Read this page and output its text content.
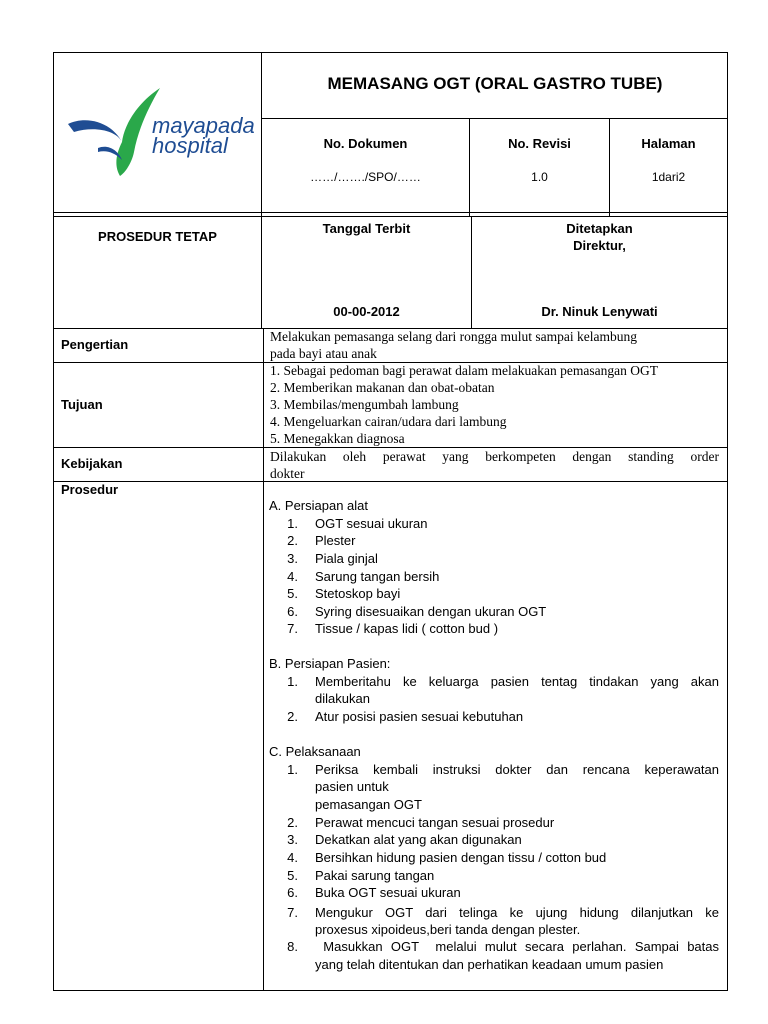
mayapada
hospital
MEMASANG OGT (ORAL GASTRO TUBE)
No. Dokumen
……/……./SPO/……
No. Revisi
1.0
Halaman
1dari2
PROSEDUR TETAP
Tanggal Terbit
00-00-2012
Ditetapkan
Direktur,
Dr. Ninuk Lenywati
Pengertian
Melakukan pemasanga selang dari rongga mulut sampai kelambung
pada bayi atau anak
Tujuan
1. Sebagai pedoman bagi perawat dalam melakuakan pemasangan OGT
2. Memberikan makanan dan obat-obatan
3. Membilas/mengumbah lambung
4. Mengeluarkan cairan/udara dari lambung
5. Menegakkan diagnosa
Kebijakan	Dilakukan oleh perawat yang berkompeten dengan standing order
dokter
Prosedur
A. Persiapan alat
1. OGT sesuai ukuran
2. Plester
3. Piala ginjal
4. Sarung tangan bersih
5. Stetoskop bayi
6. Syring disesuaikan dengan ukuran OGT
7. Tissue / kapas lidi ( cotton bud )
B. Persiapan Pasien:
1. Memberitahu ke keluarga pasien tentag tindakan yang akan
dilakukan
2. Atur posisi pasien sesuai kebutuhan
C. Pelaksanaan
1. Periksa kembali instruksi dokter dan rencana keperawatan
pasien untuk
pemasangan OGT
2. Perawat mencuci tangan sesuai prosedur
3. Dekatkan alat yang akan digunakan
4. Bersihkan hidung pasien dengan tissu / cotton bud
5. Pakai sarung tangan
6. Buka OGT sesuai ukuran
7. Mengukur OGT dari telinga ke ujung hidung dilanjutkan ke
proxesus xipoideus,beri tanda dengan plester.
8. Masukkan OGT  melalui mulut secara perlahan. Sampai batas
yang telah ditentukan dan perhatikan keadaan umum pasien
